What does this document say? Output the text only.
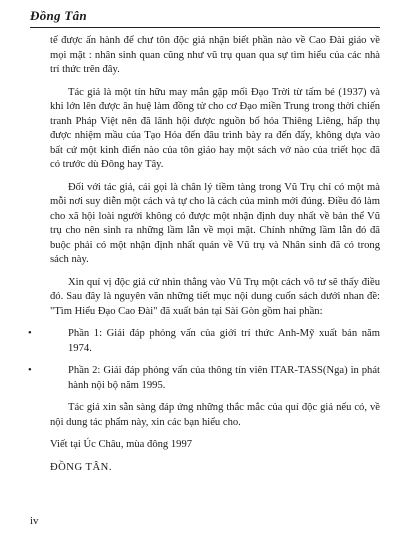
Đồng Tân

tế được ấn hành để chư tôn độc giả nhận biết phần nào về Cao Đài giáo về mọi mặt : nhân sinh quan cũng như vũ trụ quan qua sự tìm hiểu của các nhà trí thức trên đây.

Tác giả là một tín hữu may mắn gặp mối Đạo Trời từ tấm bé (1937) và khi lớn lên được ân huệ làm đồng tử cho cơ Đạo miền Trung trong thời chiến tranh Pháp Việt nên đã lãnh hội được nguồn bổ hóa Thiêng Liêng, hấp thụ được nhiệm mầu của Tạo Hóa đến đâu trình bày ra đến đấy, không dựa vào bất cứ một kinh điển nào của tôn giáo hay một sách vở nào của triết học đã có trước dù Đông hay Tây.

Đối với tác giả, cái gọi là chân lý tiềm tàng trong Vũ Trụ chỉ có một mà mỗi nơi suy diễn một cách và tự cho là cách của mình mới đúng. Điều đó làm cho xã hội loài người không có được một nhận định duy nhất về bản thể Vũ trụ cho nên sinh ra những lầm lẫn về mọi mặt. Chính những lầm lẫn đó đã buộc phải có một nhận định nhất quán về Vũ trụ và Nhân sinh đã có trong sách này.

Xin quí vị độc giả cứ nhìn thẳng vào Vũ Trụ một cách vô tư sẽ thấy điều đó. Sau đây là nguyên văn những tiết mục nội dung cuốn sách dưới nhan đề: "Tìm Hiểu Đạo Cao Đài" đã xuất bản tại Sài Gòn gồm hai phần:

•	Phần 1: Giải đáp phỏng vấn của giới trí thức Anh-Mỹ xuất bản năm 1974.
•	Phần 2: Giải đáp phỏng vấn của thông tín viên ITAR-TASS(Nga) in phát hành nội bộ năm 1995.

Tác giả xin sẵn sàng đáp ứng những thắc mắc của quí độc giả nếu có, về nội dung tác phẩm này, xin các bạn hiểu cho.

Viết tại Úc Châu, mùa đông 1997

ĐỒNG TÂN.

iv
